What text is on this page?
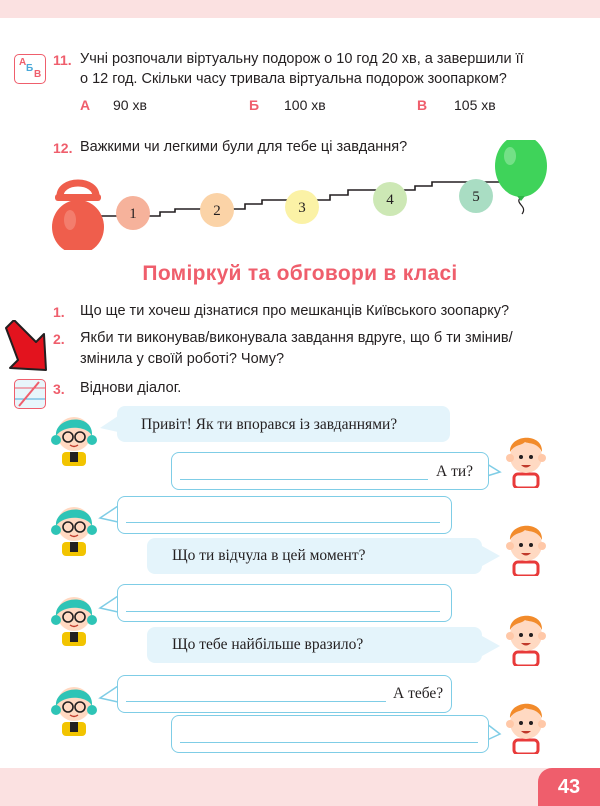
А
Б
В
11. Учні розпочали віртуальну подорож о 10 год 20 хв, а завершили її
о 12 год. Скільки часу тривала віртуальна подорож зоопарком?
А 90 хв	Б 100 хв	В 105 хв
12. Важкими чи легкими були для тебе ці завдання?
1	2	3	4	5
Поміркуй та обговори в класі
1. Що ще ти хочеш дізнатися про мешканців Київського зоопарку?
2. Якби ти виконував/виконувала завдання вдруге, що б ти змінив/
змінила у своїй роботі? Чому?
3. Віднови діалог.
Привіт! Як ти впорався із завданнями?
А ти?
Що ти відчула в цей момент?
Що тебе найбільше вразило?
А тебе?
43
